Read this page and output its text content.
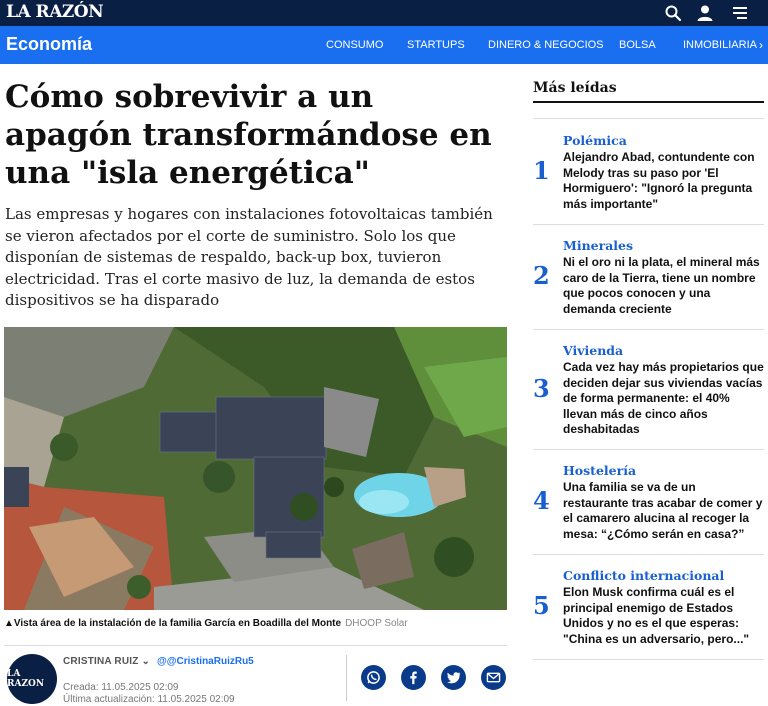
LA RAZÓN
Economía	CONSUMO STARTUPS DINERO & NEGOCIOS BOLSA INMOBILIARIA ›
Cómo sobrevivir a un apagón transformándose en una "isla energética"

Las empresas y hogares con instalaciones fotovoltaicas también se vieron afectados por el corte de suministro. Solo los que disponían de sistemas de respaldo, back-up box, tuvieron electricidad. Tras el corte masivo de luz, la demanda de estos dispositivos se ha disparado

▲Vista área de la instalación de la familia García en Boadilla del Monte DHOOP Solar
LA RAZON
CRISTINA RUIZ ⌄ @@CristinaRuizRu5
Creada: 11.05.2025 02:09
Última actualización: 11.05.2025 02:09
Más leídas
1
Polémica
Alejandro Abad, contundente con Melody tras su paso por 'El Hormiguero': "Ignoró la pregunta más importante"
2
Minerales
Ni el oro ni la plata, el mineral más caro de la Tierra, tiene un nombre que pocos conocen y una demanda creciente
3
Vivienda
Cada vez hay más propietarios que deciden dejar sus viviendas vacías de forma permanente: el 40% llevan más de cinco años deshabitadas
4
Hostelería
Una familia se va de un restaurante tras acabar de comer y el camarero alucina al recoger la mesa: “¿Cómo serán en casa?”
5
Conflicto internacional
Elon Musk confirma cuál es el principal enemigo de Estados Unidos y no es el que esperas: "China es un adversario, pero..."
